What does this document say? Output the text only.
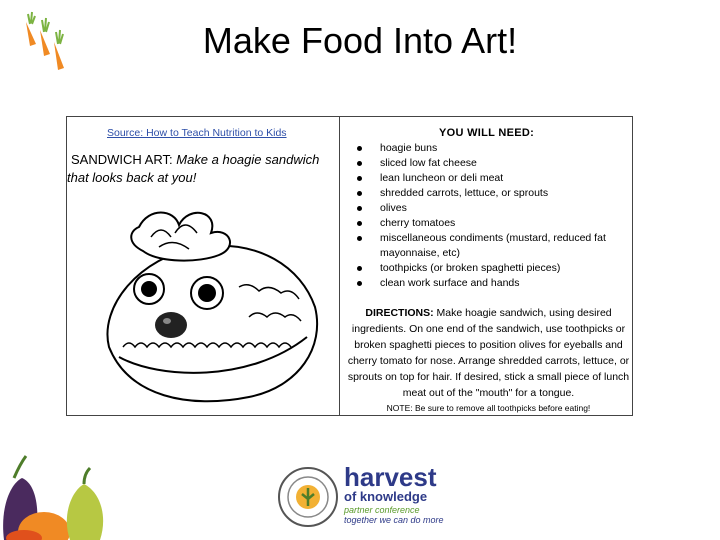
Make Food Into Art!
Source: How to Teach Nutrition to Kids
SANDWICH ART: Make a hoagie sandwich that looks back at you!
YOU WILL NEED:
hoagie buns
sliced low fat cheese
lean luncheon or deli meat
shredded carrots, lettuce, or sprouts
olives
cherry tomatoes
miscellaneous condiments (mustard, reduced fat mayonnaise, etc)
toothpicks (or broken spaghetti pieces)
clean work surface and hands
DIRECTIONS: Make hoagie sandwich, using desired ingredients. On one end of the sandwich, use toothpicks or broken spaghetti pieces to position olives for eyeballs and cherry tomato for nose. Arrange shredded carrots, lettuce, or sprouts on top for hair. If desired, stick a small piece of lunch meat out of the "mouth" for a tongue.
NOTE: Be sure to remove all toothpicks before eating!
harvest
of knowledge
partner conference
together we can do more
